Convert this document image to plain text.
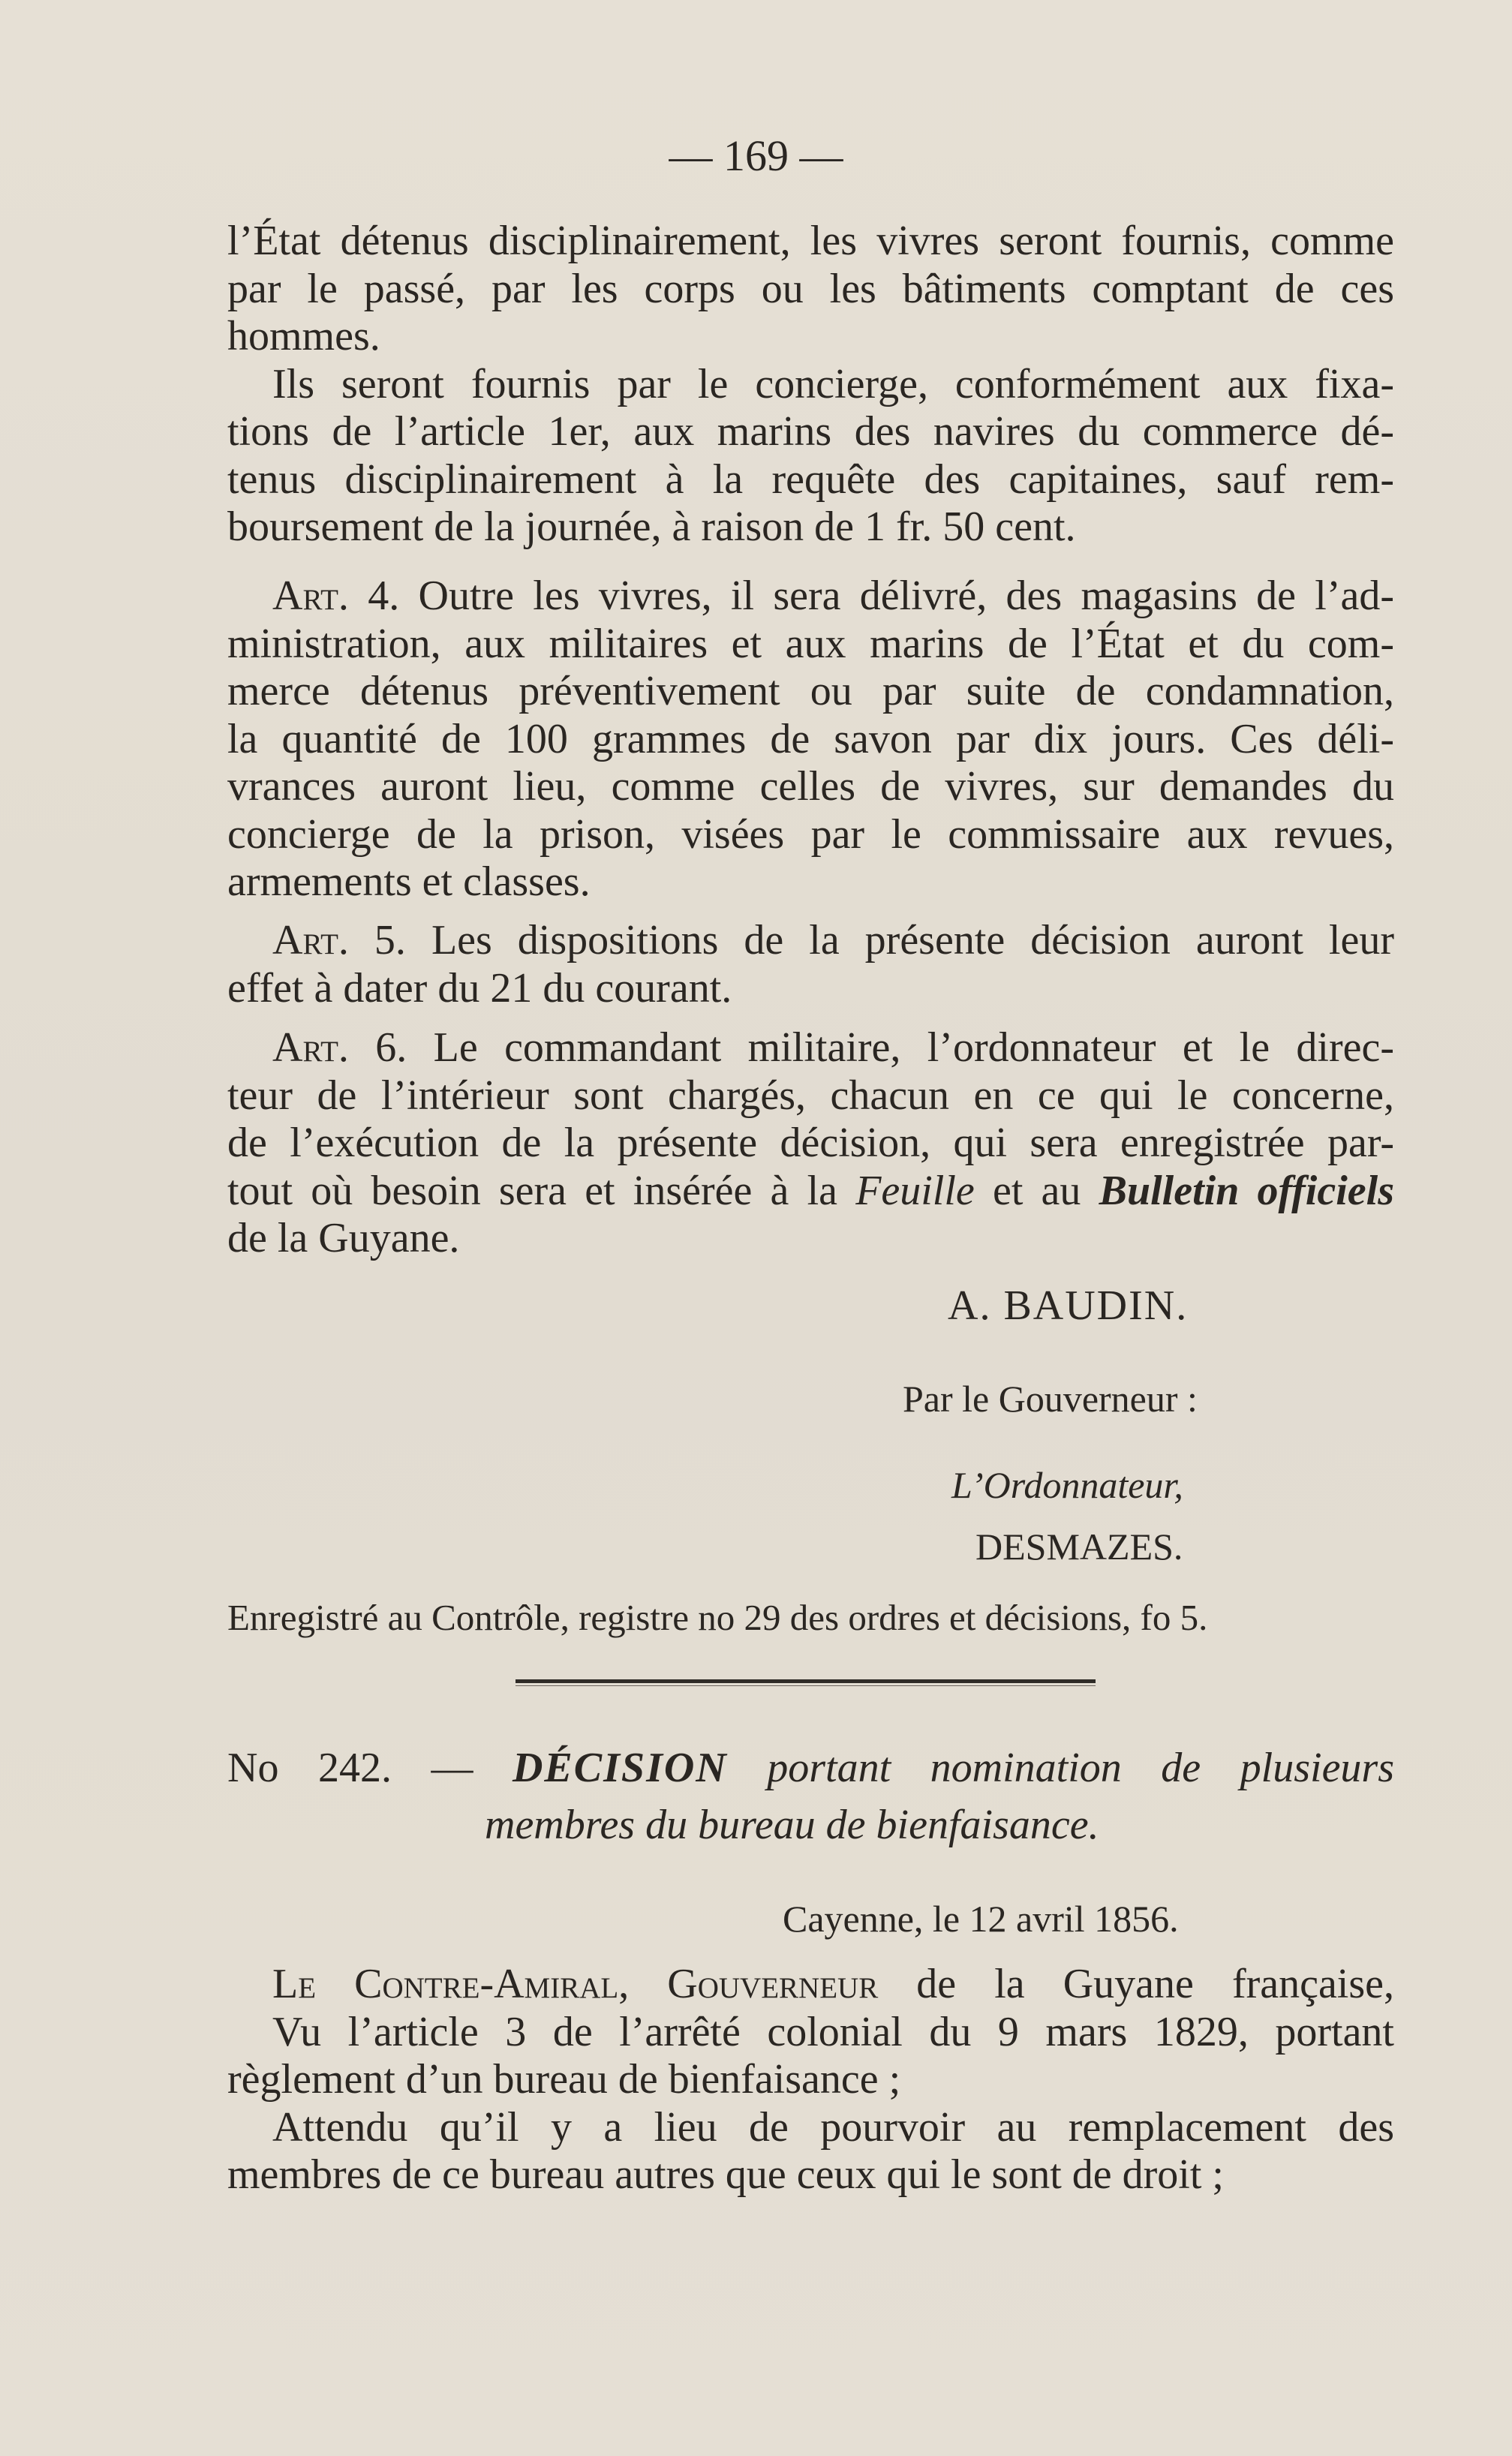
— 169 —

l’État détenus disciplinairement, les vivres seront fournis, comme

par le passé, par les corps ou les bâtiments comptant de ces

hommes.

Ils seront fournis par le concierge, conformément aux fixa-

tions de l’article 1er, aux marins des navires du commerce dé-

tenus disciplinairement à la requête des capitaines, sauf rem-

boursement de la journée, à raison de 1 fr. 50 cent.

Art. 4. Outre les vivres, il sera délivré, des magasins de l’ad-

ministration, aux militaires et aux marins de l’État et du com-

merce détenus préventivement ou par suite de condamnation,

la quantité de 100 grammes de savon par dix jours. Ces déli-

vrances auront lieu, comme celles de vivres, sur demandes du

concierge de la prison, visées par le commissaire aux revues,

armements et classes.

Art. 5. Les dispositions de la présente décision auront leur

effet à dater du 21 du courant.

Art. 6. Le commandant militaire, l’ordonnateur et le direc-

teur de l’intérieur sont chargés, chacun en ce qui le concerne,

de l’exécution de la présente décision, qui sera enregistrée par-

tout où besoin sera et insérée à la Feuille et au Bulletin officiels

de la Guyane.

A. BAUDIN.
Par le Gouverneur :
L’Ordonnateur,
DESMAZES.
Enregistré au Contrôle, registre no 29 des ordres et décisions, fo 5.

No 242. — DÉCISION portant nomination de plusieurs

membres du bureau de bienfaisance.

Cayenne, le 12 avril 1856.

Le Contre-Amiral, Gouverneur de la Guyane française,

Vu l’article 3 de l’arrêté colonial du 9 mars 1829, portant

règlement d’un bureau de bienfaisance ;

Attendu qu’il y a lieu de pourvoir au remplacement des

membres de ce bureau autres que ceux qui le sont de droit ;
